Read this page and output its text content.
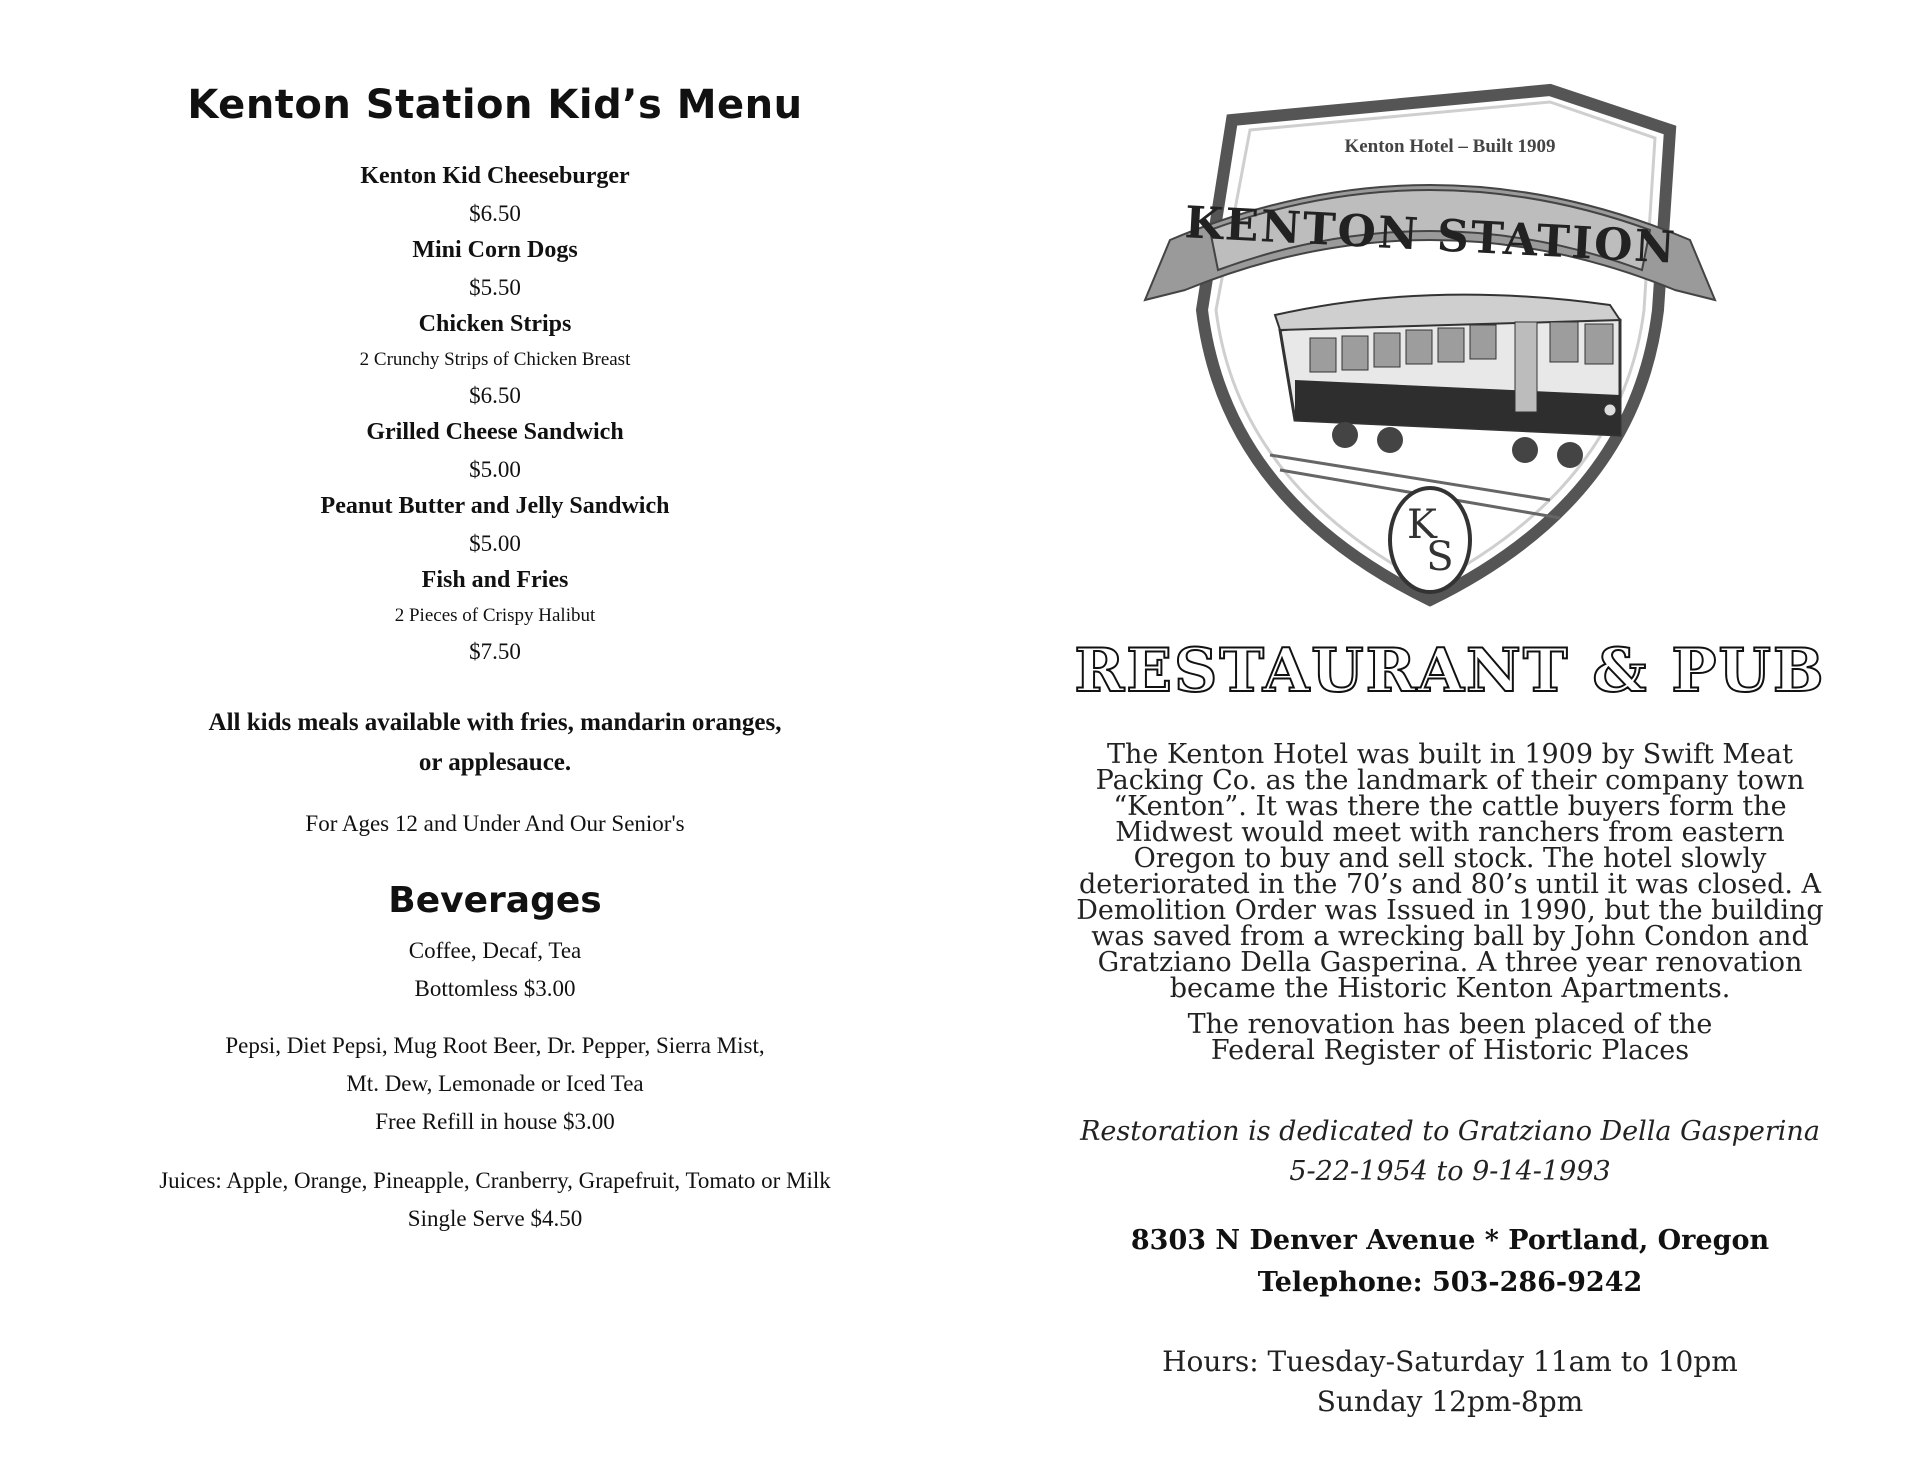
Kenton Station Kid’s Menu
Kenton Kid Cheeseburger
$6.50
Mini Corn Dogs
$5.50
Chicken Strips
2 Crunchy Strips of Chicken Breast
$6.50
Grilled Cheese Sandwich
$5.00
Peanut Butter and Jelly Sandwich
$5.00
Fish and Fries
2 Pieces of Crispy Halibut
$7.50
All kids meals available with fries, mandarin oranges,
or applesauce.
For Ages 12 and Under And Our Senior's
Beverages
Coffee, Decaf, Tea
Bottomless $3.00
Pepsi, Diet Pepsi, Mug Root Beer, Dr. Pepper, Sierra Mist,
Mt. Dew, Lemonade or Iced Tea
Free Refill in house $3.00
Juices: Apple, Orange, Pineapple, Cranberry, Grapefruit, Tomato or Milk
Single Serve $4.50
Kenton Hotel – Built 1909
KENTON STATION
K
S
RESTAURANT & PUB

The Kenton Hotel was built in 1909 by Swift Meat

Packing Co. as the landmark of their company town

“Kenton”. It was there the cattle buyers form the

Midwest would meet with ranchers from eastern

Oregon to buy and sell stock. The hotel slowly

deteriorated in the 70’s and 80’s until it was closed. A

Demolition Order was Issued in 1990, but the building

was saved from a wrecking ball by John Condon and

Gratziano Della Gasperina. A three year renovation

became the Historic Kenton Apartments.

The renovation has been placed of the

Federal Register of Historic Places

Restoration is dedicated to Gratziano Della Gasperina
5-22-1954 to 9-14-1993
8303 N Denver Avenue * Portland, Oregon
Telephone: 503-286-9242
Hours: Tuesday-Saturday 11am to 10pm
Sunday 12pm-8pm
